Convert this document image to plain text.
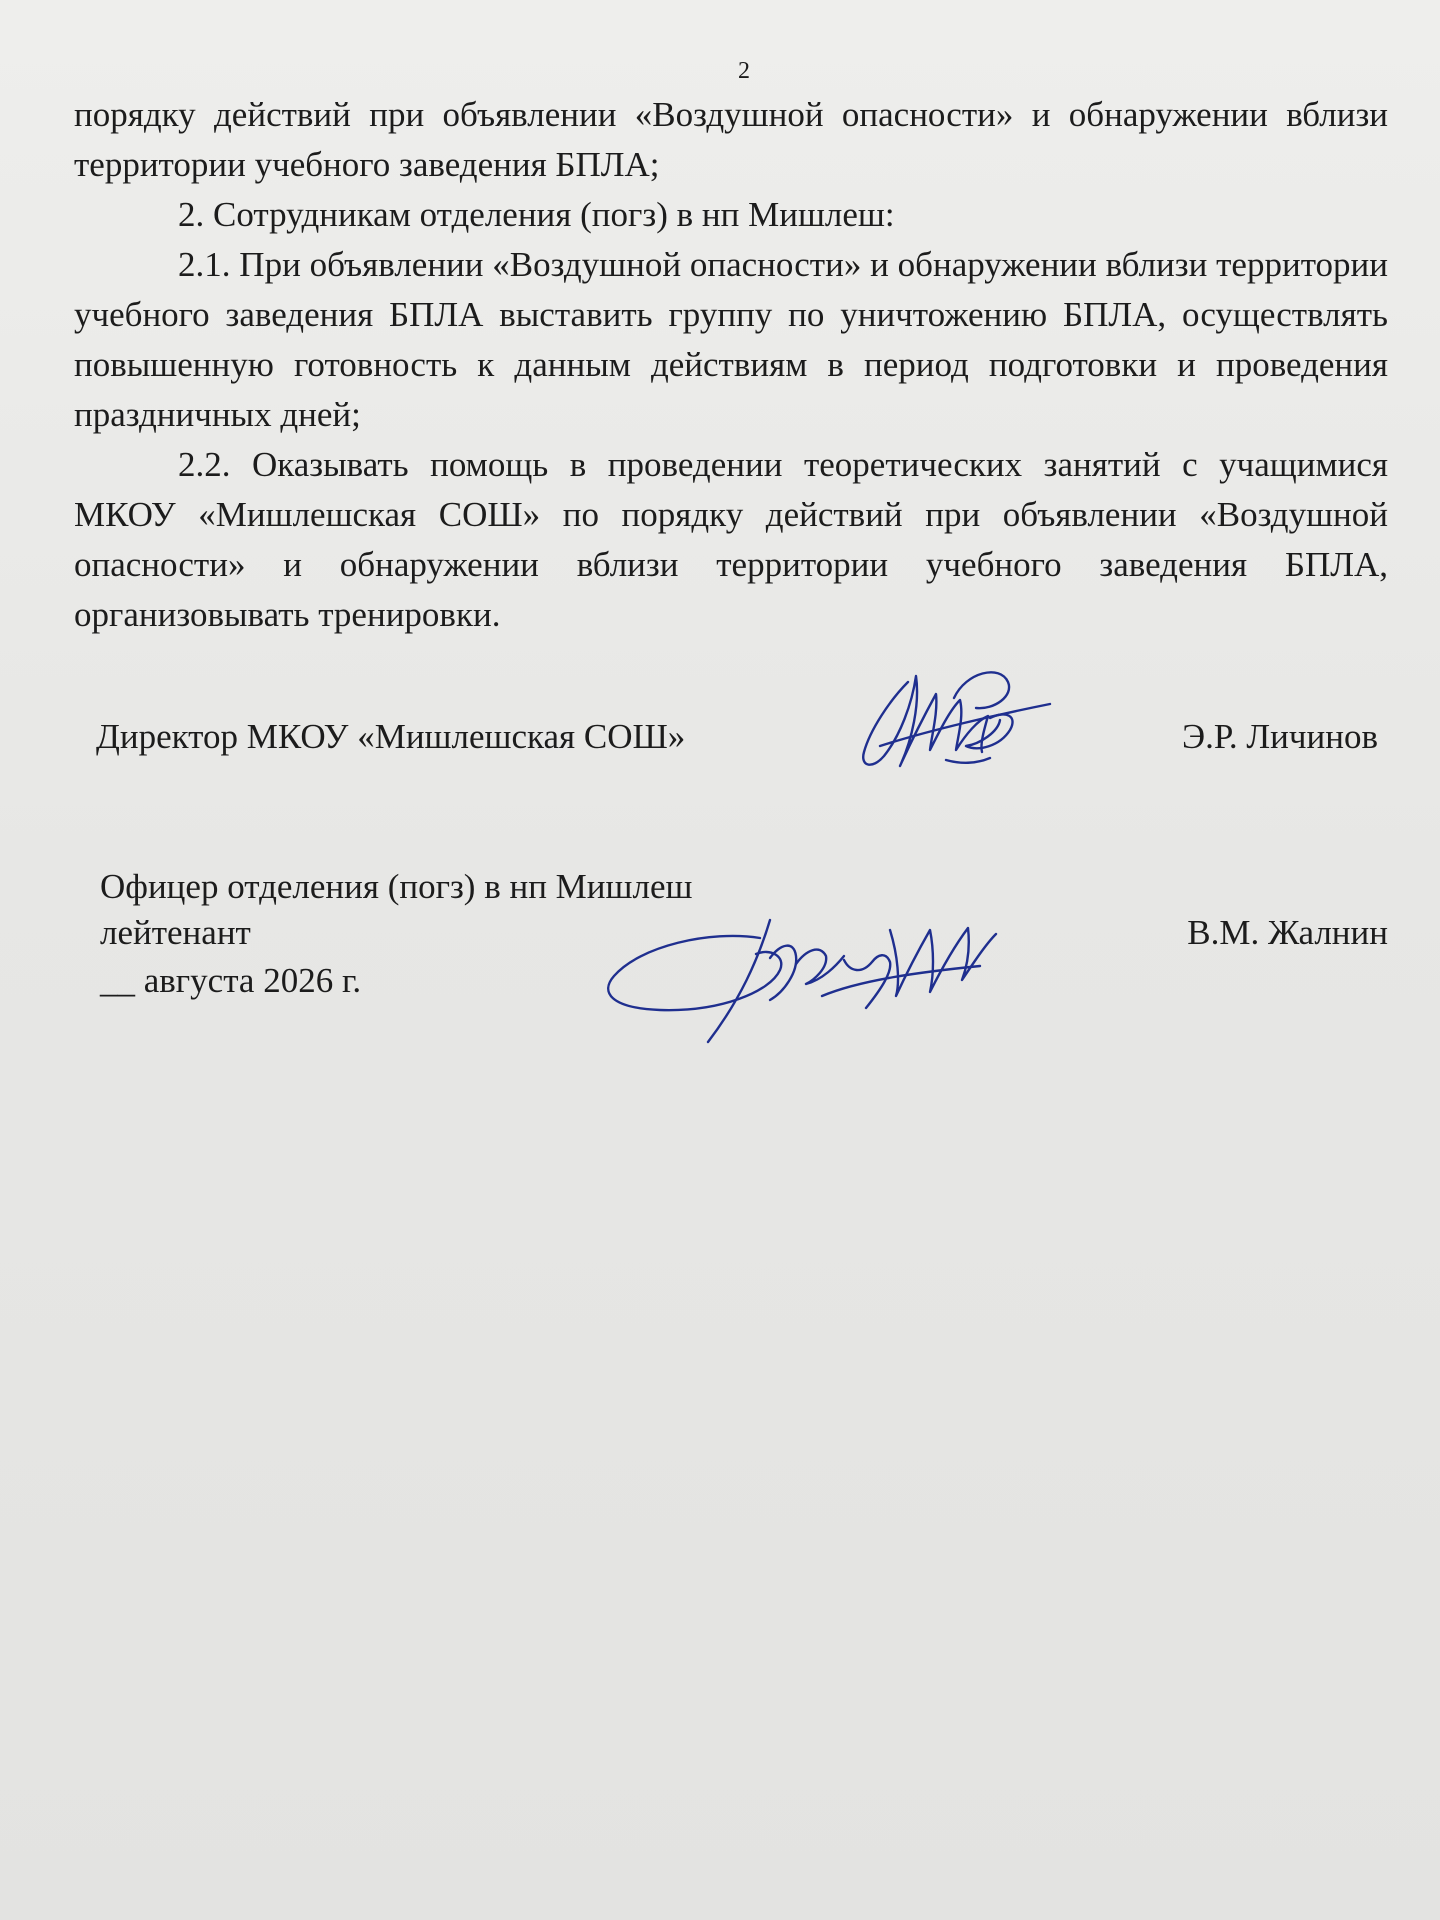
2

порядку действий при объявлении «Воздушной опасности» и обнаружении вблизи территории учебного заведения БПЛА;

2. Сотрудникам отделения (погз) в нп Мишлеш:

2.1. При объявлении «Воздушной опасности» и обнаружении вблизи территории учебного заведения БПЛА выставить группу по уничтожению БПЛА, осуществлять повышенную готовность к данным действиям в период подготовки и проведения праздничных дней;

2.2. Оказывать помощь в проведении теоретических занятий с учащимися МКОУ «Мишлешская СОШ» по порядку действий при объявлении «Воздушной опасности» и обнаружении вблизи территории учебного заведения БПЛА, организовывать тренировки.

Директор МКОУ «Мишлешская СОШ»	Э.Р. Личинов
Офицер отделения (погз) в нп Мишлеш
лейтенант
__ августа 2026 г.
В.М. Жалнин
